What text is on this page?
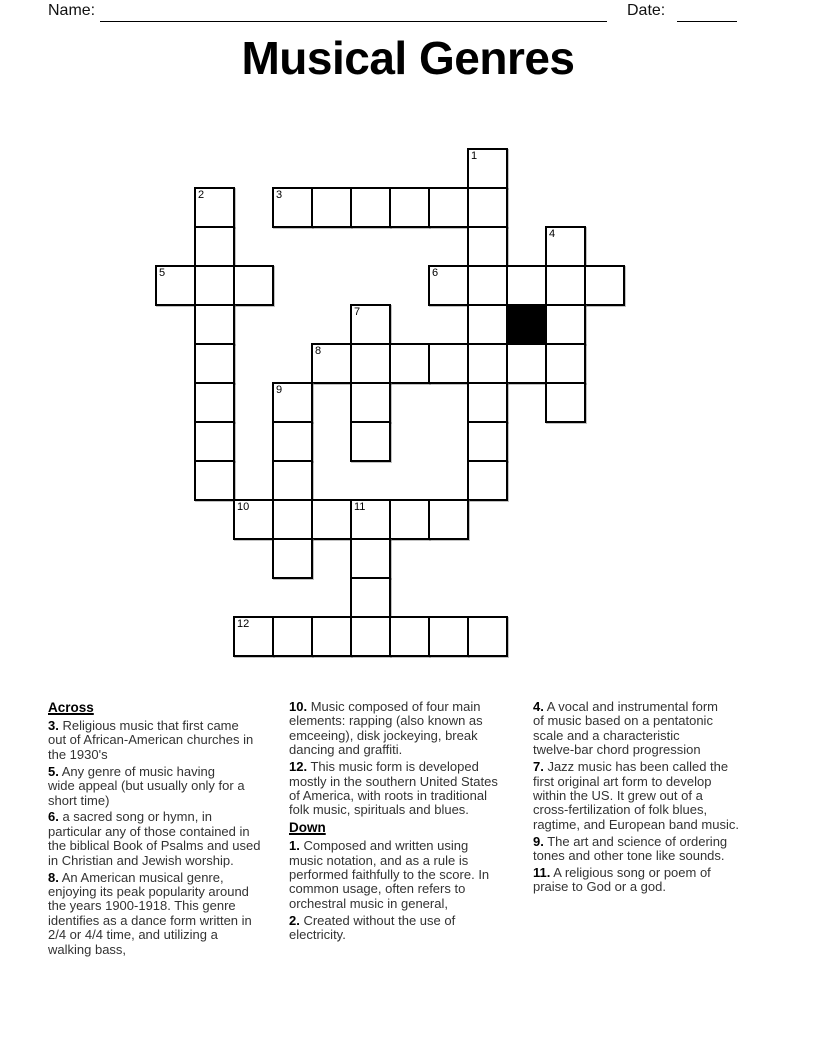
Name:	Date:
Musical Genres
1
2	3
4
5	6
7
8
9
10	11
12
Across
3. Religious music that first came
out of African-American churches in
the 1930's
5. Any genre of music having
wide appeal (but usually only for a
short time)
6. a sacred song or hymn, in
particular any of those contained in
the biblical Book of Psalms and used
in Christian and Jewish worship.
8. An American musical genre,
enjoying its peak popularity around
the years 1900-1918. This genre
identifies as a dance form written in
2/4 or 4/4 time, and utilizing a
walking bass,
10. Music composed of four main
elements: rapping (also known as
emceeing), disk jockeying, break
dancing and graffiti.
12. This music form is developed
mostly in the southern United States
of America, with roots in traditional
folk music, spirituals and blues.
Down
1. Composed and written using
music notation, and as a rule is
performed faithfully to the score. In
common usage, often refers to
orchestral music in general,
2. Created without the use of
electricity.
4. A vocal and instrumental form
of music based on a pentatonic
scale and a characteristic
twelve-bar chord progression
7. Jazz music has been called the
first original art form to develop
within the US. It grew out of a
cross-fertilization of folk blues,
ragtime, and European band music.
9. The art and science of ordering
tones and other tone like sounds.
11. A religious song or poem of
praise to God or a god.
